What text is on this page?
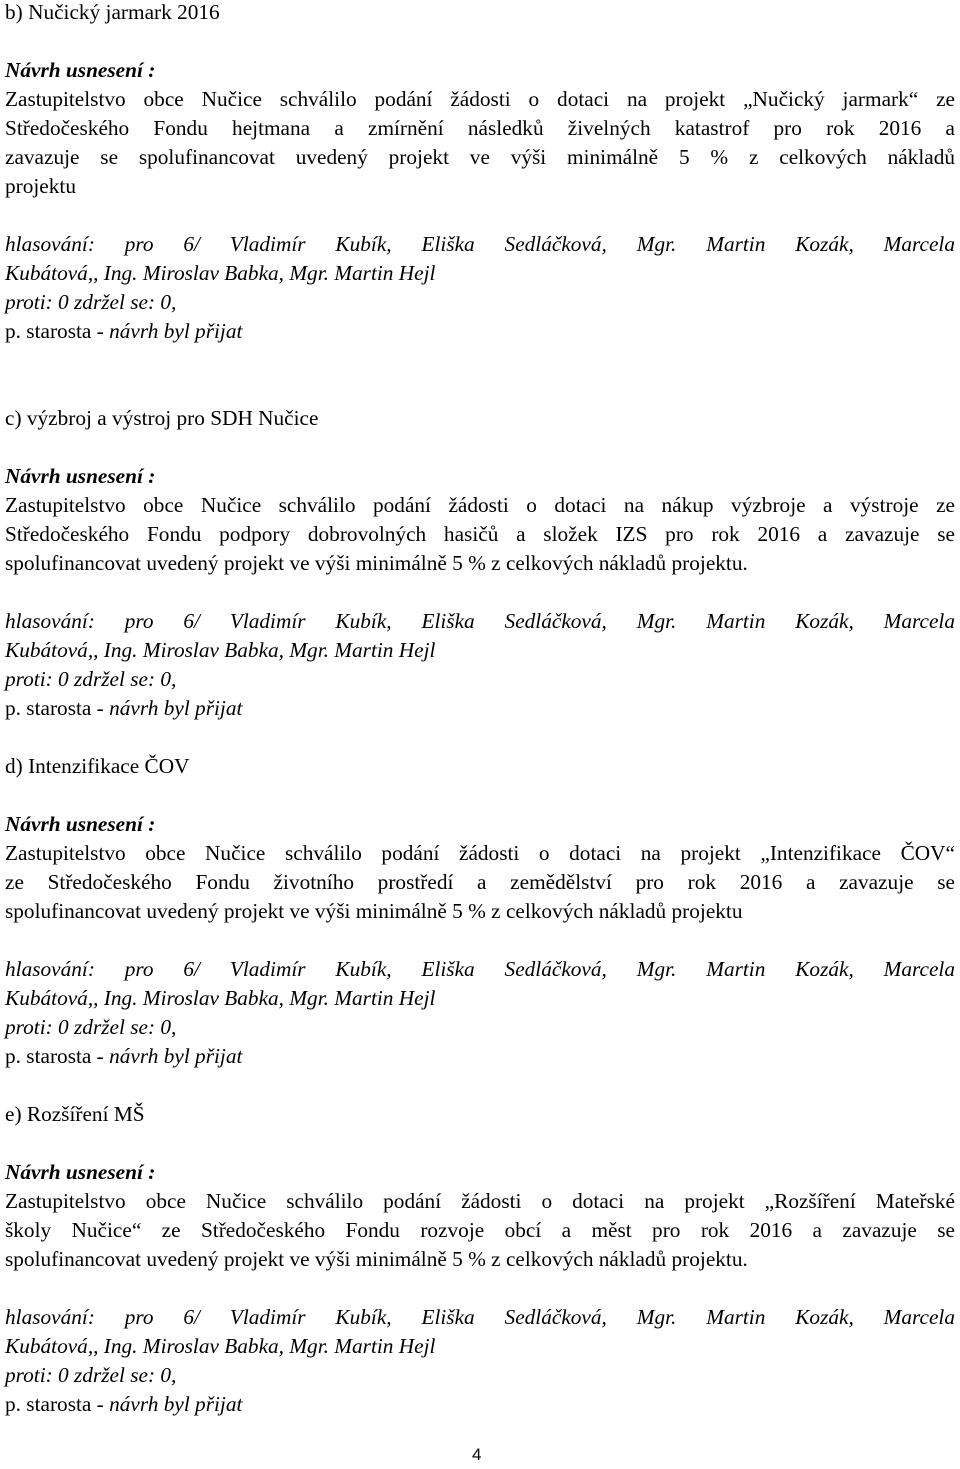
b) Nučický jarmark 2016
Návrh usnesení :
Zastupitelstvo obce Nučice schválilo podání žádosti o dotaci na projekt „Nučický jarmark“ ze
Středočeského Fondu hejtmana a zmírnění následků živelných katastrof pro rok 2016 a
zavazuje se spolufinancovat uvedený projekt ve výši minimálně 5 % z celkových nákladů
projektu
hlasování: pro 6/ Vladimír Kubík, Eliška Sedláčková, Mgr. Martin Kozák, Marcela
Kubátová,, Ing. Miroslav Babka, Mgr. Martin Hejl
proti: 0 zdržel se: 0,
p. starosta - návrh byl přijat
c) výzbroj a výstroj pro SDH Nučice
Návrh usnesení :
Zastupitelstvo obce Nučice schválilo podání žádosti o dotaci na nákup výzbroje a výstroje ze
Středočeského Fondu podpory dobrovolných hasičů a složek IZS pro rok 2016 a zavazuje se
spolufinancovat uvedený projekt ve výši minimálně 5 % z celkových nákladů projektu.
hlasování: pro 6/ Vladimír Kubík, Eliška Sedláčková, Mgr. Martin Kozák, Marcela
Kubátová,, Ing. Miroslav Babka, Mgr. Martin Hejl
proti: 0 zdržel se: 0,
p. starosta - návrh byl přijat
d) Intenzifikace ČOV
Návrh usnesení :
Zastupitelstvo obce Nučice schválilo podání žádosti o dotaci na projekt „Intenzifikace ČOV“
ze Středočeského Fondu životního prostředí a zemědělství pro rok 2016 a zavazuje se
spolufinancovat uvedený projekt ve výši minimálně 5 % z celkových nákladů projektu
hlasování: pro 6/ Vladimír Kubík, Eliška Sedláčková, Mgr. Martin Kozák, Marcela
Kubátová,, Ing. Miroslav Babka, Mgr. Martin Hejl
proti: 0 zdržel se: 0,
p. starosta - návrh byl přijat
e) Rozšíření MŠ
Návrh usnesení :
Zastupitelstvo obce Nučice schválilo podání žádosti o dotaci na projekt „Rozšíření Mateřské
školy Nučice“ ze Středočeského Fondu rozvoje obcí a měst pro rok 2016 a zavazuje se
spolufinancovat uvedený projekt ve výši minimálně 5 % z celkových nákladů projektu.
hlasování: pro 6/ Vladimír Kubík, Eliška Sedláčková, Mgr. Martin Kozák, Marcela
Kubátová,, Ing. Miroslav Babka, Mgr. Martin Hejl
proti: 0 zdržel se: 0,
p. starosta - návrh byl přijat
4
